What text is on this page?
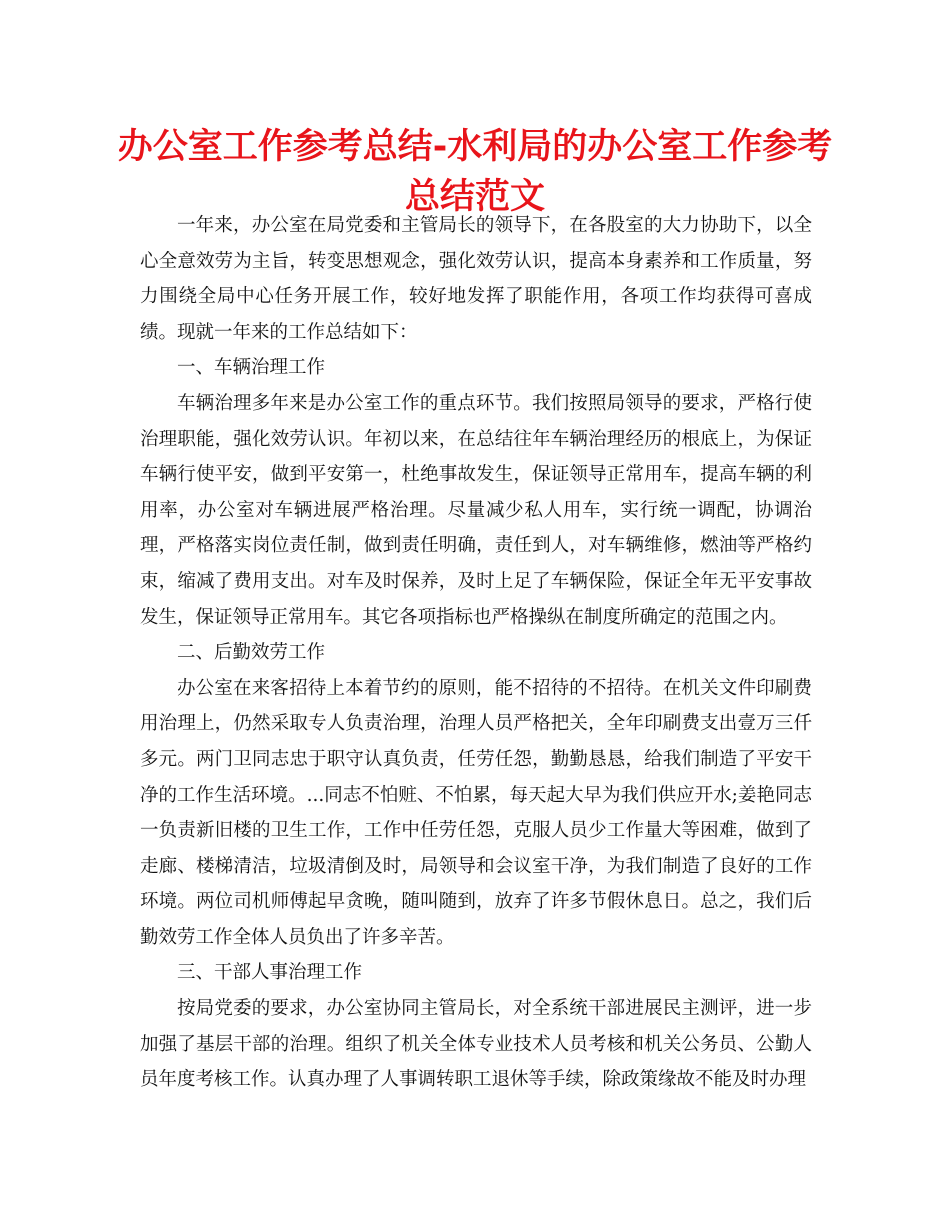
办公室工作参考总结-水利局的办公室工作参考总结范文

一年来，办公室在局党委和主管局长的领导下，在各股室的大力协助下，以全心全意效劳为主旨，转变思想观念，强化效劳认识，提高本身素养和工作质量，努力围绕全局中心任务开展工作，较好地发挥了职能作用，各项工作均获得可喜成绩。现就一年来的工作总结如下：

一、车辆治理工作

车辆治理多年来是办公室工作的重点环节。我们按照局领导的要求，严格行使治理职能，强化效劳认识。年初以来，在总结往年车辆治理经历的根底上，为保证车辆行使平安，做到平安第一，杜绝事故发生，保证领导正常用车，提高车辆的利用率，办公室对车辆进展严格治理。尽量减少私人用车，实行统一调配，协调治理，严格落实岗位责任制，做到责任明确，责任到人，对车辆维修，燃油等严格约束，缩减了费用支出。对车及时保养，及时上足了车辆保险，保证全年无平安事故发生，保证领导正常用车。其它各项指标也严格操纵在制度所确定的范围之内。

二、后勤效劳工作

办公室在来客招待上本着节约的原则，能不招待的不招待。在机关文件印刷费用治理上，仍然采取专人负责治理，治理人员严格把关，全年印刷费支出壹万三仟多元。两门卫同志忠于职守认真负责，任劳任怨，勤勤恳恳，给我们制造了平安干净的工作生活环境。...同志不怕赃、不怕累，每天起大早为我们供应开水;姜艳同志一负责新旧楼的卫生工作，工作中任劳任怨，克服人员少工作量大等困难，做到了走廊、楼梯清洁，垃圾清倒及时，局领导和会议室干净，为我们制造了良好的工作环境。两位司机师傅起早贪晚，随叫随到，放弃了许多节假休息日。总之，我们后勤效劳工作全体人员负出了许多辛苦。

三、干部人事治理工作

按局党委的要求，办公室协同主管局长，对全系统干部进展民主测评，进一步加强了基层干部的治理。组织了机关全体专业技术人员考核和机关公务员、公勤人员年度考核工作。认真办理了人事调转职工退休等手续，除政策缘故不能及时办理
